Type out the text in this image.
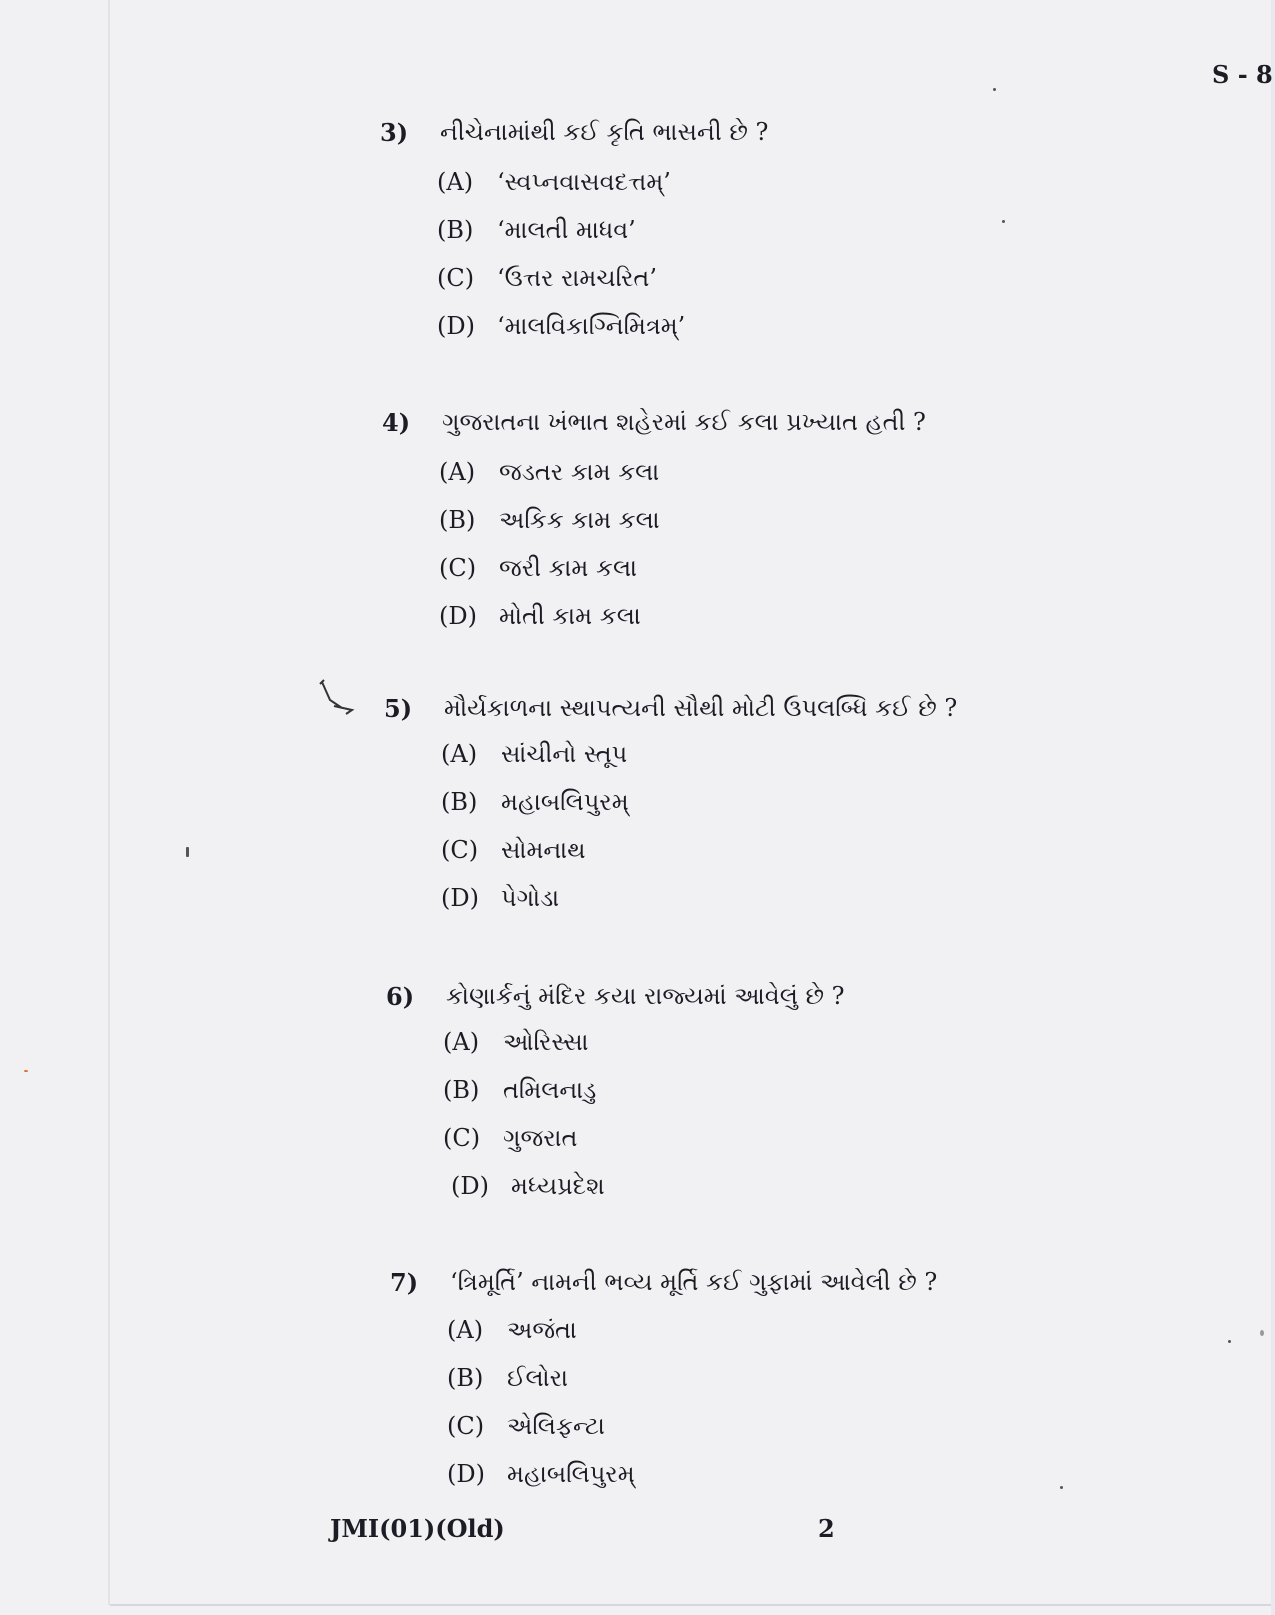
S - 8
3) નીચેનામાંથી કઈ કૃતિ ભાસની છે ?
(A) ‘સ્વપ્નવાસવદત્તમ્’
(B) ‘માલતી માધવ’
(C) ‘ઉત્તર રામચરિત’
(D) ‘માલવિકાગ્નિમિત્રમ્’
4) ગુજરાતના ખંભાત શહેરમાં કઈ કલા પ્રખ્યાત હતી ?
(A) જડતર કામ કલા
(B) અકિક કામ કલા
(C) જરી કામ કલા
(D) મોતી કામ કલા
5) મૌર્યકાળના સ્થાપત્યની સૌથી મોટી ઉપલબ્ધિ કઈ છે ?
(A) સાંચીનો સ્તૂપ
(B) મહાબલિપુરમ્
(C) સોમનાથ
(D) પેગોડા
6) કોણાર્કનું મંદિર કયા રાજ્યમાં આવેલું છે ?
(A) ઓરિસ્સા
(B) તમિલનાડુ
(C) ગુજરાત
(D) મધ્યપ્રદેશ
7) ‘ત્રિમૂર્તિ’ નામની ભવ્ય મૂર્તિ કઈ ગુફામાં આવેલી છે ?
(A) અજંતા
(B) ઈલોરા
(C) એલિફન્ટા
(D) મહાબલિપુરમ્
JMI(01)(Old)	2
